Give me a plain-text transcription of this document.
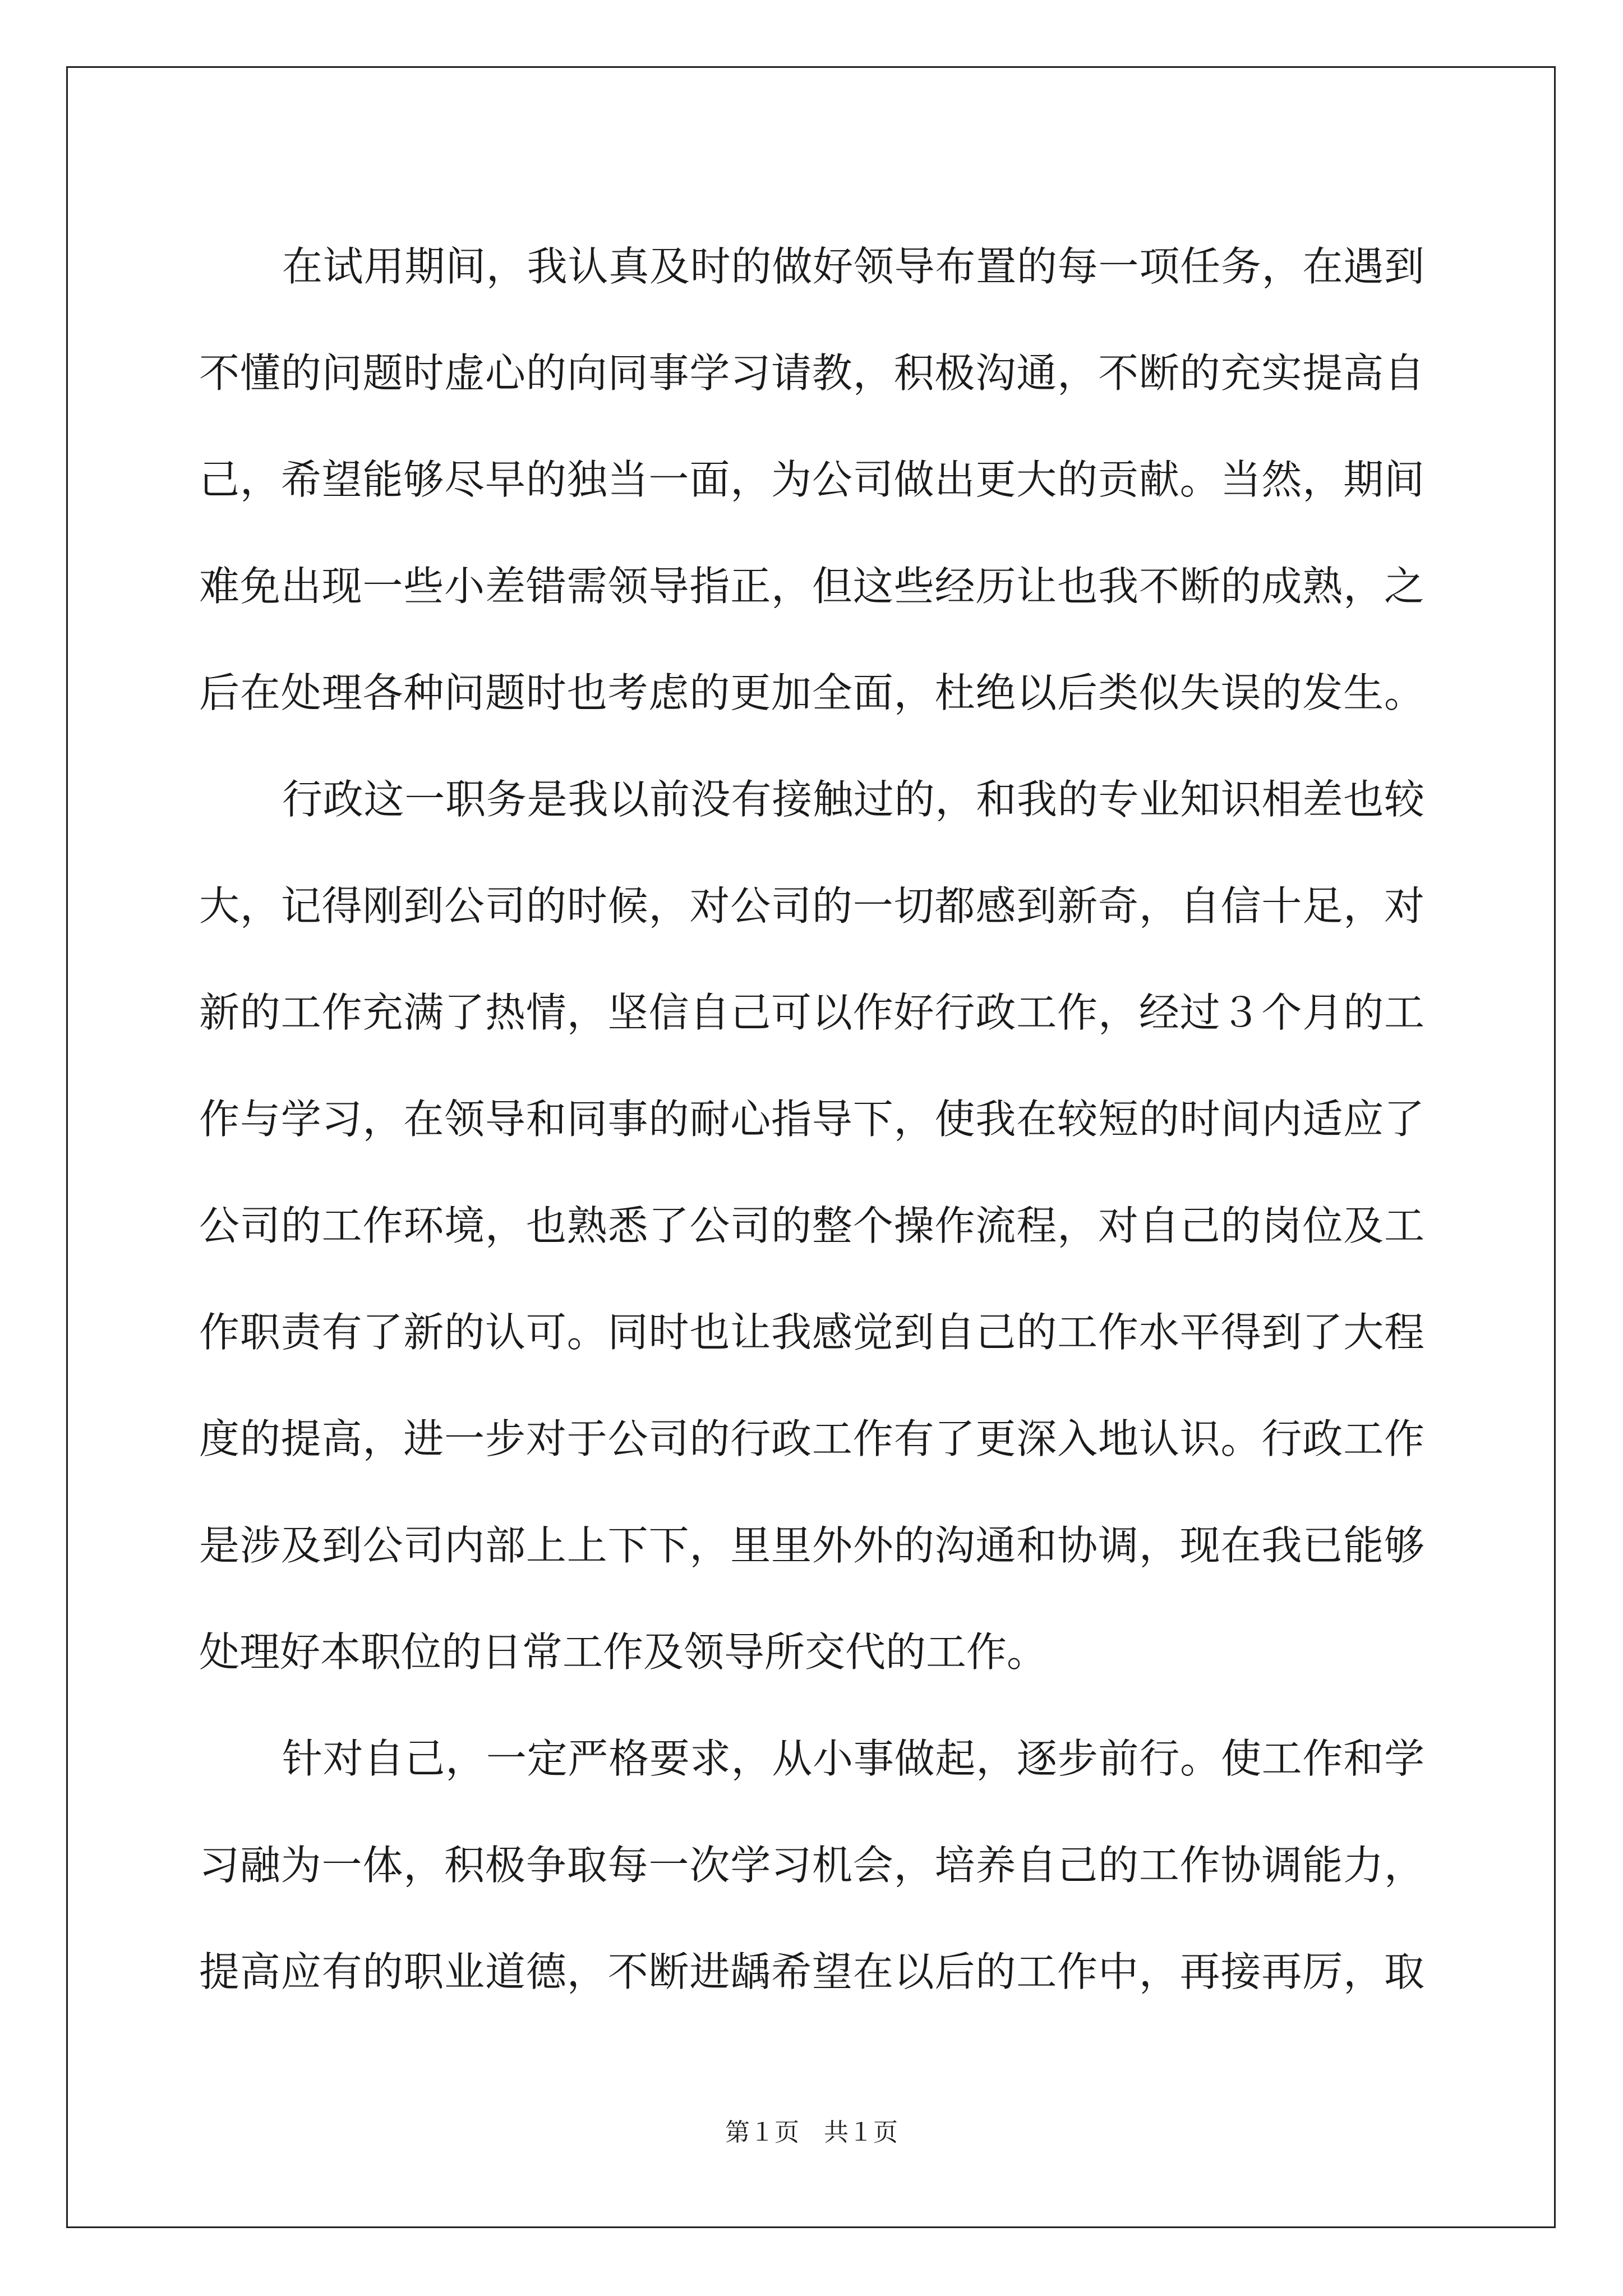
在试用期间，我认真及时的做好领导布置的每一项任务，在遇到
不懂的问题时虚心的向同事学习请教，积极沟通，不断的充实提高自
己，希望能够尽早的独当一面，为公司做出更大的贡献。当然，期间
难免出现一些小差错需领导指正，但这些经历让也我不断的成熟，之
后在处理各种问题时也考虑的更加全面，杜绝以后类似失误的发生。
行政这一职务是我以前没有接触过的，和我的专业知识相差也较
大，记得刚到公司的时候，对公司的一切都感到新奇，自信十足，对
新的工作充满了热情，坚信自己可以作好行政工作，经过３个月的工
作与学习，在领导和同事的耐心指导下，使我在较短的时间内适应了
公司的工作环境，也熟悉了公司的整个操作流程，对自己的岗位及工
作职责有了新的认可。同时也让我感觉到自己的工作水平得到了大程
度的提高，进一步对于公司的行政工作有了更深入地认识。行政工作
是涉及到公司内部上上下下，里里外外的沟通和协调，现在我已能够
处理好本职位的日常工作及领导所交代的工作。
针对自己，一定严格要求，从小事做起，逐步前行。使工作和学
习融为一体，积极争取每一次学习机会，培养自己的工作协调能力，
提高应有的职业道德，不断进龋希望在以后的工作中，再接再厉，取
第１页　共１页
